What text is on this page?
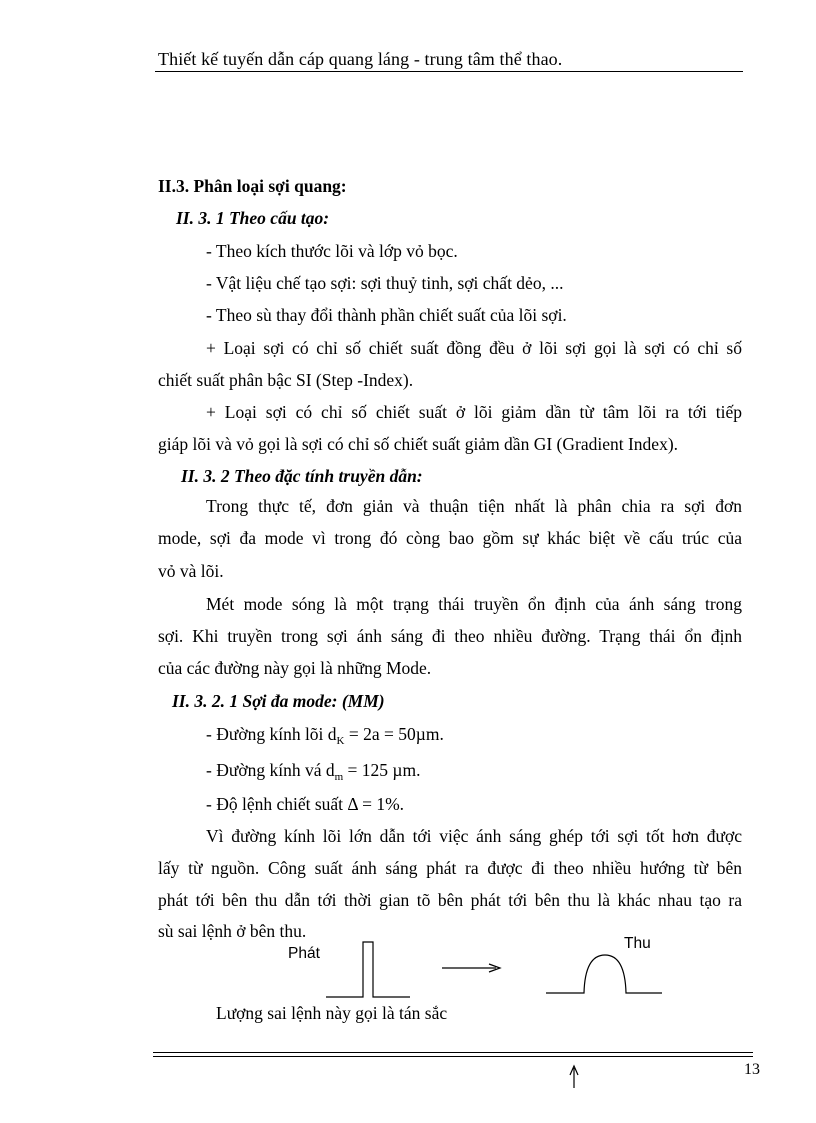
Thiết kế tuyến dẫn cáp quang láng - trung tâm thể thao.
II.3. Phân loại sợi quang:
II. 3. 1 Theo cấu tạo:
- Theo kích thước lõi và lớp vỏ bọc.
- Vật liệu chế tạo sợi: sợi thuỷ tinh, sợi chất dẻo, ...
- Theo sù thay đổi thành phần chiết suất của lõi sợi.
+ Loại sợi có chỉ số chiết suất đồng đều ở lõi sợi gọi là sợi có chỉ số
chiết suất phân bậc SI (Step -Index).
+ Loại sợi có chỉ số chiết suất ở lõi giảm dần từ tâm lõi ra tới tiếp
giáp lõi và vỏ gọi là sợi có chỉ số chiết suất giảm dần GI (Gradient Index).
II. 3. 2 Theo đặc tính truyền dẫn:
Trong thực tế, đơn giản và thuận tiện nhất là phân chia ra sợi đơn
mode, sợi đa mode vì trong đó còng bao gồm sự khác biệt về cấu trúc của
vỏ và lõi.
Mét mode sóng là một trạng thái truyền ổn định của ánh sáng trong
sợi. Khi truyền trong sợi ánh sáng đi theo nhiều đường. Trạng thái ổn định
của các đường này gọi là những Mode.
II. 3. 2. 1 Sợi đa mode: (MM)
- Đường kính lõi $d_K = 2a = 50\mu m$.
- Đường kính vá $d_m = 125$ µm.
- Độ lệnh chiết suất Δ = 1%.
Vì đường kính lõi lớn dẫn tới việc ánh sáng ghép tới sợi tốt hơn được
lấy từ nguồn. Công suất ánh sáng phát ra được đi theo nhiều hướng từ bên
phát tới bên thu dẫn tới thời gian tõ bên phát tới bên thu là khác nhau tạo ra
sù sai lệnh ở bên thu.
Phát
Thu
Lượng sai lệnh này gọi là tán sắc
13
